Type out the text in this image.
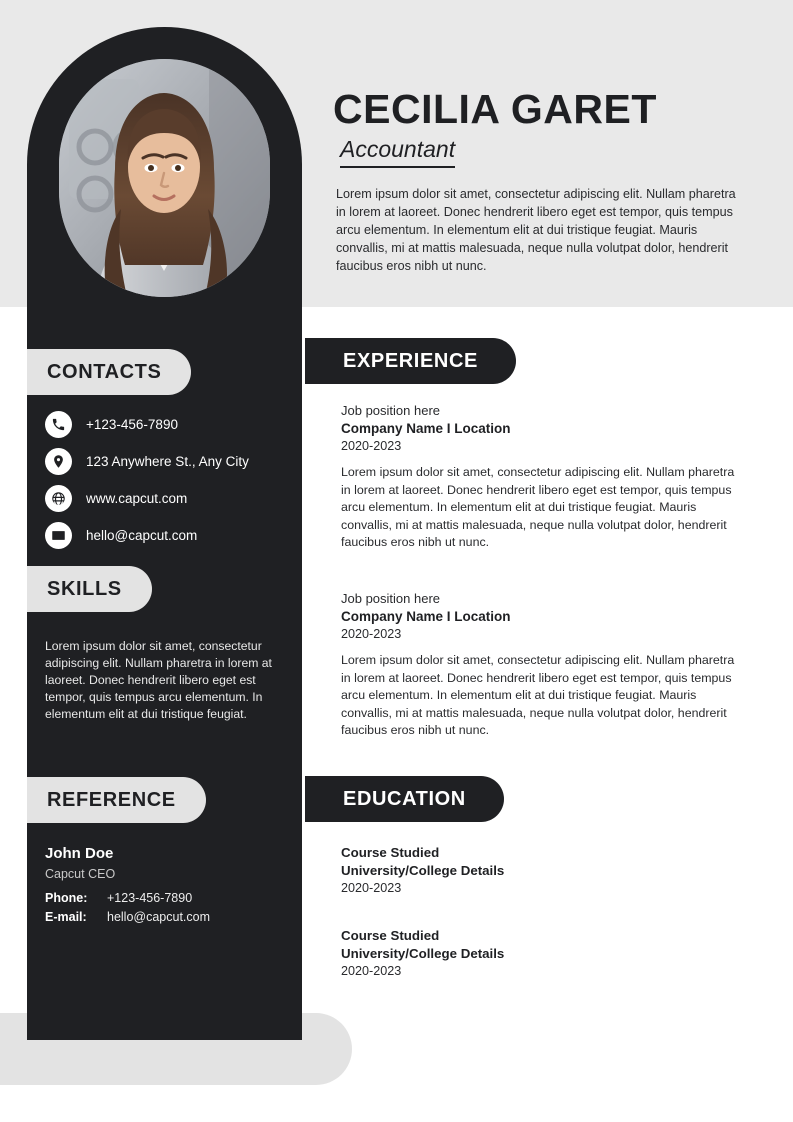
CECILIA GARET
Accountant
Lorem ipsum dolor sit amet, consectetur adipiscing elit. Nullam pharetra in lorem at laoreet. Donec hendrerit libero eget est tempor, quis tempus arcu elementum. In elementum elit at dui tristique feugiat. Mauris convallis, mi at mattis malesuada, neque nulla volutpat dolor, hendrerit faucibus eros nibh ut nunc.
CONTACTS
+123-456-7890
123 Anywhere St., Any City
www.capcut.com
hello@capcut.com
SKILLS
Lorem ipsum dolor sit amet, consectetur adipiscing elit. Nullam pharetra in lorem at laoreet. Donec hendrerit libero eget est tempor, quis tempus arcu elementum. In elementum elit at dui tristique feugiat.
REFERENCE
John Doe
Capcut CEO
Phone:	+123-456-7890
E-mail:	hello@capcut.com
EXPERIENCE
Job position here
Company Name I Location
2020-2023
Lorem ipsum dolor sit amet, consectetur adipiscing elit. Nullam pharetra in lorem at laoreet. Donec hendrerit libero eget est tempor, quis tempus arcu elementum. In elementum elit at dui tristique feugiat. Mauris convallis, mi at mattis malesuada, neque nulla volutpat dolor, hendrerit faucibus eros nibh ut nunc.
Job position here
Company Name I Location
2020-2023
Lorem ipsum dolor sit amet, consectetur adipiscing elit. Nullam pharetra in lorem at laoreet. Donec hendrerit libero eget est tempor, quis tempus arcu elementum. In elementum elit at dui tristique feugiat. Mauris convallis, mi at mattis malesuada, neque nulla volutpat dolor, hendrerit faucibus eros nibh ut nunc.
EDUCATION
Course Studied
University/College Details
2020-2023
Course Studied
University/College Details
2020-2023
